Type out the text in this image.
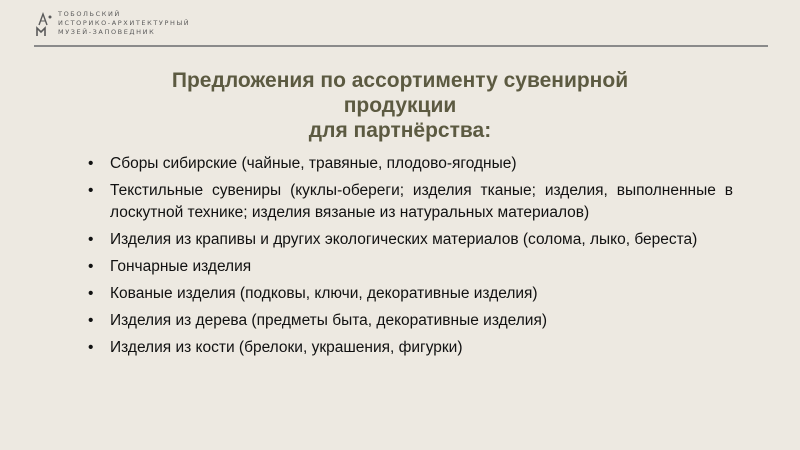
ТОБОЛЬСКИЙ
ИСТОРИКО-АРХИТЕКТУРНЫЙ
МУЗЕЙ-ЗАПОВЕДНИК
Предложения по ассортименту сувенирной
продукции
для партнёрства:
• Сборы сибирские (чайные, травяные, плодово-ягодные)
• Текстильные сувениры (куклы-обереги; изделия тканые; изделия, выполненные в лоскутной технике; изделия вязаные из натуральных материалов)
• Изделия из крапивы и других экологических материалов (солома, лыко, береста)
• Гончарные изделия
• Кованые изделия (подковы, ключи, декоративные изделия)
• Изделия из дерева (предметы быта, декоративные изделия)
• Изделия из кости (брелоки, украшения, фигурки)
